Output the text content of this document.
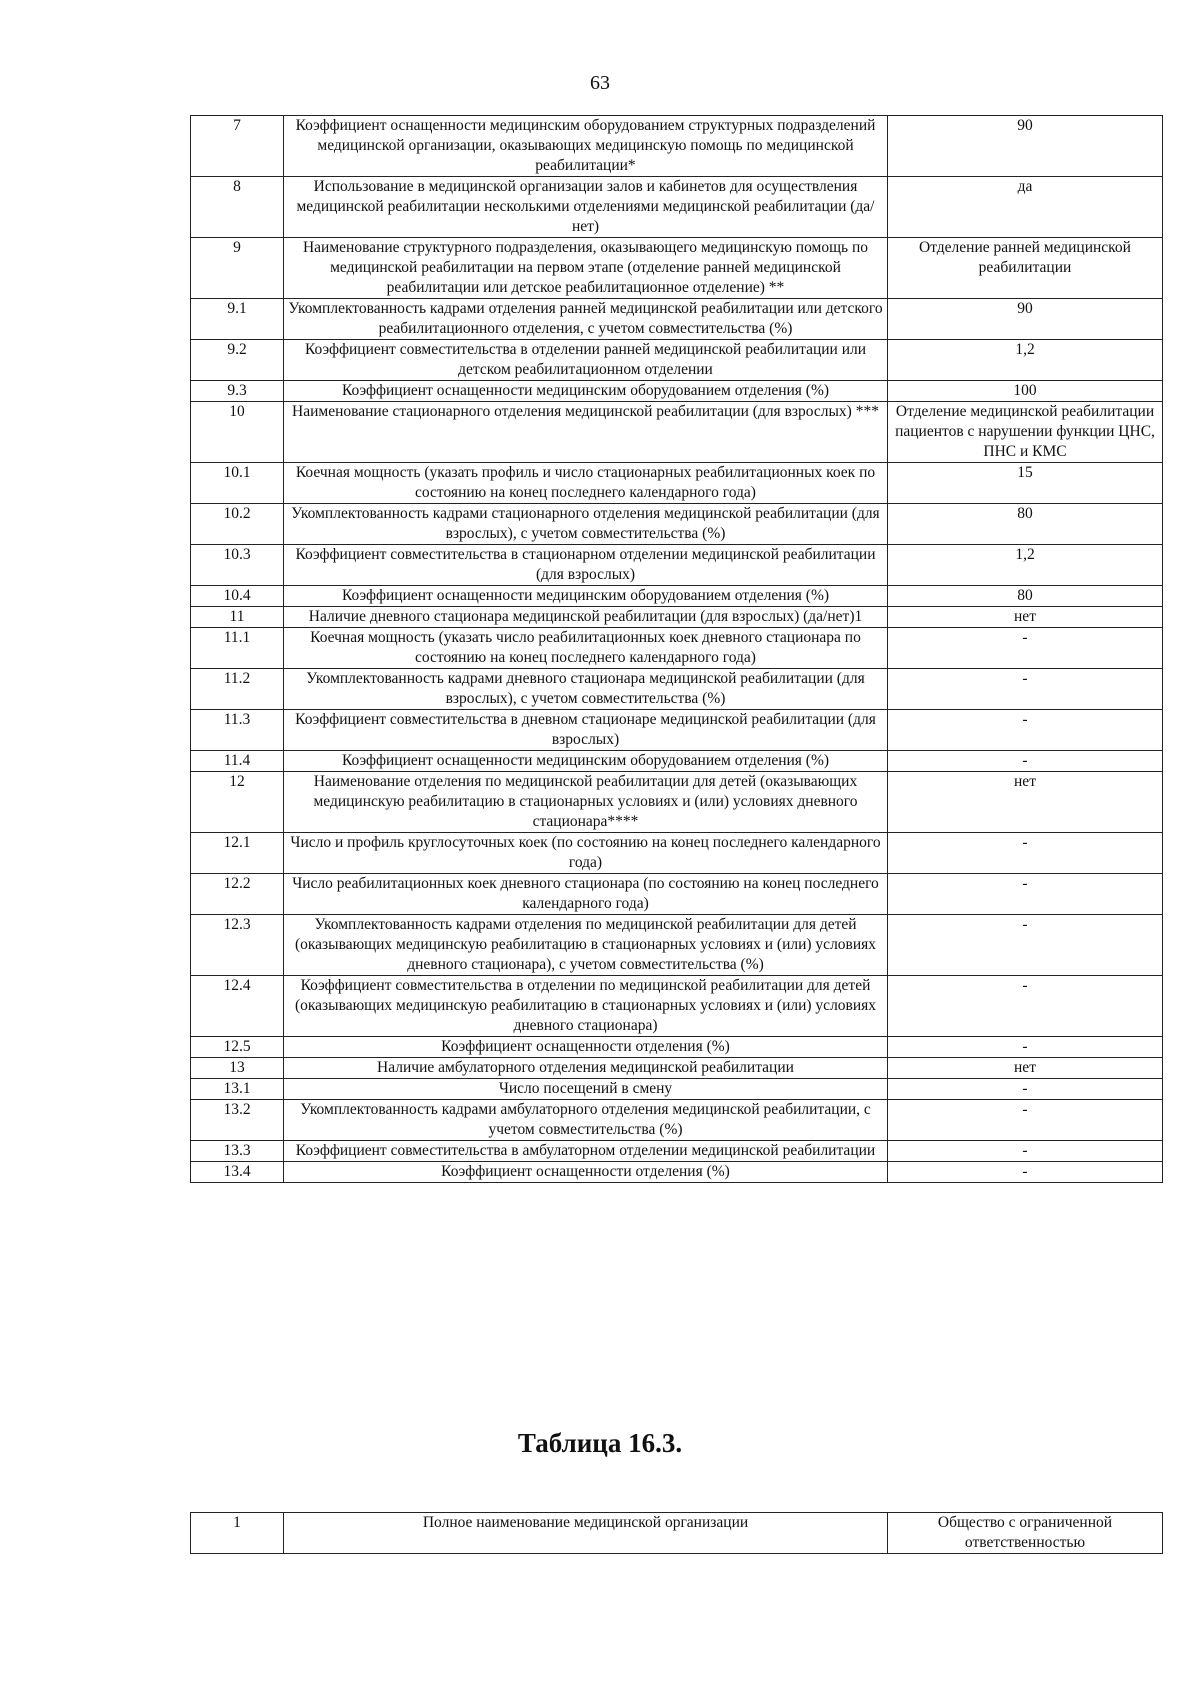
63
7	Коэффициент оснащенности медицинским оборудованием структурных подразделений медицинской организации, оказывающих медицинскую помощь по медицинской реабилитации*	90
8	Использование в медицинской организации залов и кабинетов для осуществления медицинской реабилитации несколькими отделениями медицинской реабилитации (да/нет)	да
9	Наименование структурного подразделения, оказывающего медицинскую помощь по медицинской реабилитации на первом этапе (отделение ранней медицинской реабилитации или детское реабилитационное отделение) **	Отделение ранней медицинской реабилитации
9.1	Укомплектованность кадрами отделения ранней медицинской реабилитации или детского реабилитационного отделения, с учетом совместительства (%)	90
9.2	Коэффициент совместительства в отделении ранней медицинской реабилитации или детском реабилитационном отделении	1,2
9.3	Коэффициент оснащенности медицинским оборудованием отделения (%)	100
10	Наименование стационарного отделения медицинской реабилитации (для взрослых) ***	Отделение медицинской реабилитации пациентов с нарушении функции ЦНС, ПНС и КМС
10.1	Коечная мощность (указать профиль и число стационарных реабилитационных коек по состоянию на конец последнего календарного года)	15
10.2	Укомплектованность кадрами стационарного отделения медицинской реабилитации (для взрослых), с учетом совместительства (%)	80
10.3	Коэффициент совместительства в стационарном отделении медицинской реабилитации (для взрослых)	1,2
10.4	Коэффициент оснащенности медицинским оборудованием отделения (%)	80
11	Наличие дневного стационара медицинской реабилитации (для взрослых) (да/нет)1	нет
11.1	Коечная мощность (указать число реабилитационных коек дневного стационара по состоянию на конец последнего календарного года)	-
11.2	Укомплектованность кадрами дневного стационара медицинской реабилитации (для взрослых), с учетом совместительства (%)	-
11.3	Коэффициент совместительства в дневном стационаре медицинской реабилитации (для взрослых)	-
11.4	Коэффициент оснащенности медицинским оборудованием отделения (%)	-
12	Наименование отделения по медицинской реабилитации для детей (оказывающих медицинскую реабилитацию в стационарных условиях и (или) условиях дневного стационара****	нет
12.1	Число и профиль круглосуточных коек (по состоянию на конец последнего календарного года)	-
12.2	Число реабилитационных коек дневного стационара (по состоянию на конец последнего календарного года)	-
12.3	Укомплектованность кадрами отделения по медицинской реабилитации для детей (оказывающих медицинскую реабилитацию в стационарных условиях и (или) условиях дневного стационара), с учетом совместительства (%)	-
12.4	Коэффициент совместительства в отделении по медицинской реабилитации для детей (оказывающих медицинскую реабилитацию в стационарных условиях и (или) условиях дневного стационара)	-
12.5	Коэффициент оснащенности отделения (%)	-
13	Наличие амбулаторного отделения медицинской реабилитации	нет
13.1	Число посещений в смену	-
13.2	Укомплектованность кадрами амбулаторного отделения медицинской реабилитации, с учетом совместительства (%)	-
13.3	Коэффициент совместительства в амбулаторном отделении медицинской реабилитации	-
13.4	Коэффициент оснащенности отделения (%)	-
Таблица 16.3.
1	Полное наименование медицинской организации	Общество с ограниченной ответственностью
